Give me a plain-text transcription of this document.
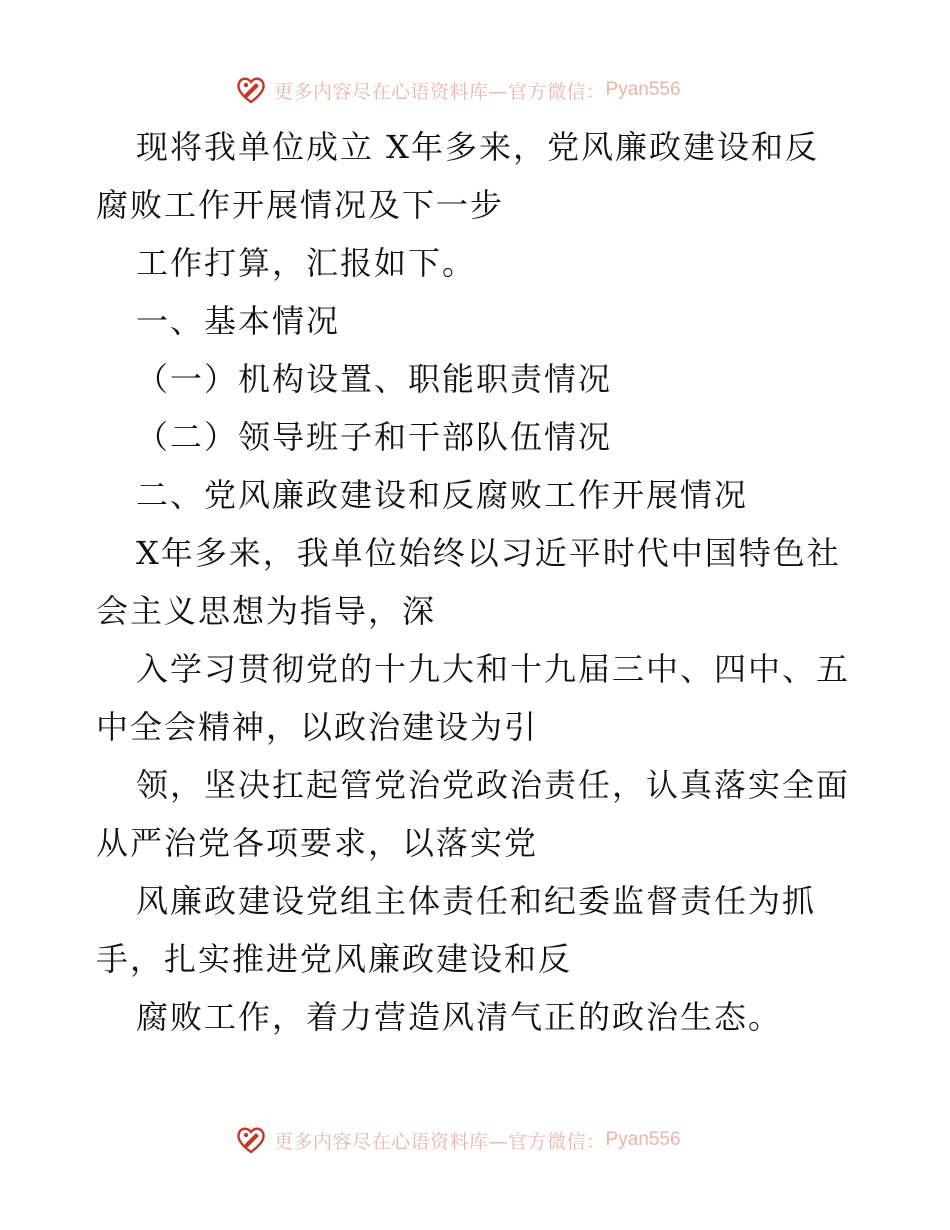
更多内容尽在心语资料库—官方微信： Pyan556
现将我单位成立 X年多来，党风廉政建设和反
腐败工作开展情况及下一步
工作打算，汇报如下。
一、基本情况
（一）机构设置、职能职责情况
（二）领导班子和干部队伍情况
二、党风廉政建设和反腐败工作开展情况
X年多来，我单位始终以习近平时代中国特色社
会主义思想为指导，深
入学习贯彻党的十九大和十九届三中、四中、五
中全会精神，以政治建设为引
领，坚决扛起管党治党政治责任，认真落实全面
从严治党各项要求，以落实党
风廉政建设党组主体责任和纪委监督责任为抓
手，扎实推进党风廉政建设和反
腐败工作，着力营造风清气正的政治生态。
更多内容尽在心语资料库—官方微信： Pyan556
